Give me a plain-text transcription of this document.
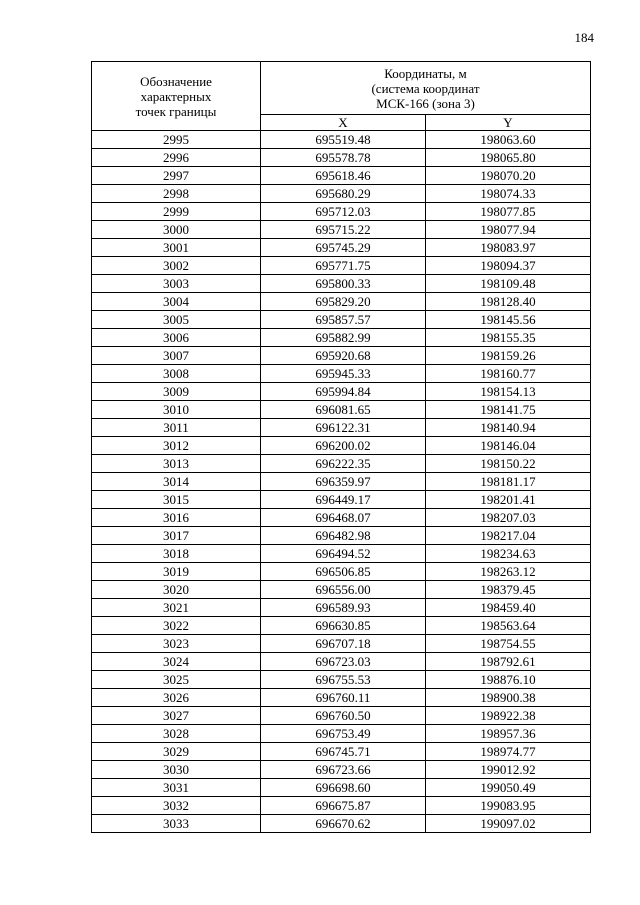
184
Обозначение
характерных
точек границы	Координаты, м
(система координат
МСК-166 (зона 3)	
	X	Y
2995	695519.48	198063.60
2996	695578.78	198065.80
2997	695618.46	198070.20
2998	695680.29	198074.33
2999	695712.03	198077.85
3000	695715.22	198077.94
3001	695745.29	198083.97
3002	695771.75	198094.37
3003	695800.33	198109.48
3004	695829.20	198128.40
3005	695857.57	198145.56
3006	695882.99	198155.35
3007	695920.68	198159.26
3008	695945.33	198160.77
3009	695994.84	198154.13
3010	696081.65	198141.75
3011	696122.31	198140.94
3012	696200.02	198146.04
3013	696222.35	198150.22
3014	696359.97	198181.17
3015	696449.17	198201.41
3016	696468.07	198207.03
3017	696482.98	198217.04
3018	696494.52	198234.63
3019	696506.85	198263.12
3020	696556.00	198379.45
3021	696589.93	198459.40
3022	696630.85	198563.64
3023	696707.18	198754.55
3024	696723.03	198792.61
3025	696755.53	198876.10
3026	696760.11	198900.38
3027	696760.50	198922.38
3028	696753.49	198957.36
3029	696745.71	198974.77
3030	696723.66	199012.92
3031	696698.60	199050.49
3032	696675.87	199083.95
3033	696670.62	199097.02
